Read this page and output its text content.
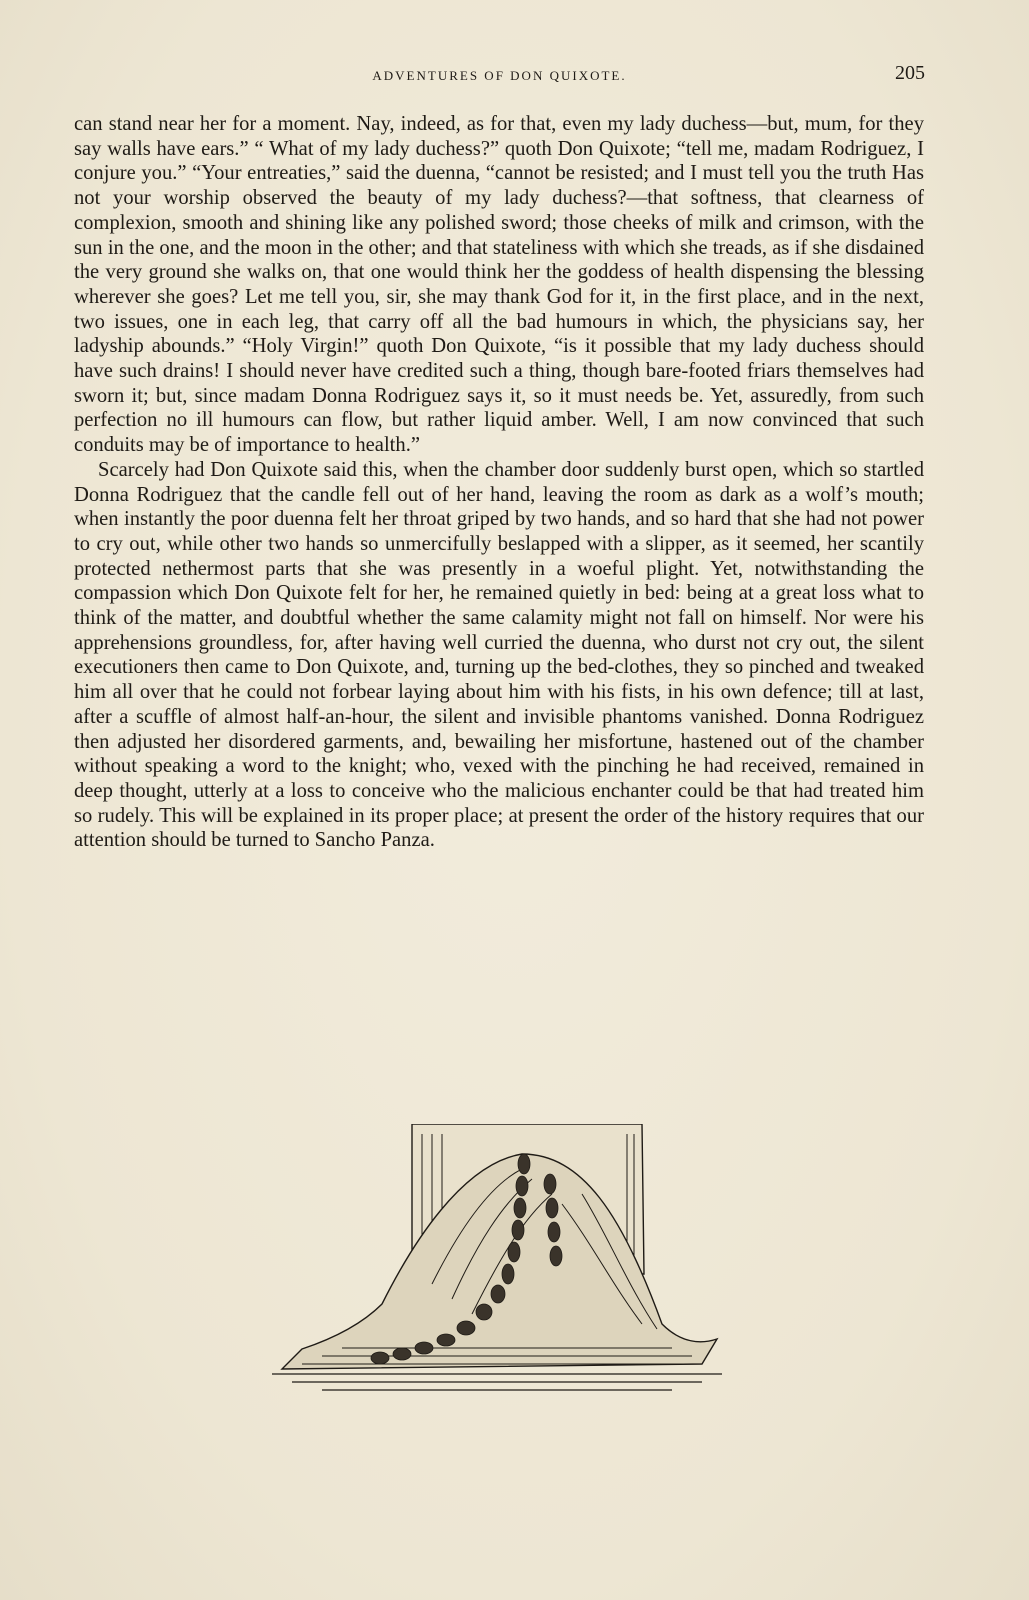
ADVENTURES OF DON QUIXOTE.	205

can stand near her for a moment. Nay, indeed, as for that, even my lady duchess—but, mum, for they say walls have ears.” “ What of my lady duchess?” quoth Don Quixote; “tell me, madam Rodriguez, I conjure you.” “Your entreaties,” said the duenna, “cannot be resisted; and I must tell you the truth Has not your worship observed the beauty of my lady duchess?—that softness, that clearness of complexion, smooth and shining like any polished sword; those cheeks of milk and crimson, with the sun in the one, and the moon in the other; and that stateliness with which she treads, as if she disdained the very ground she walks on, that one would think her the goddess of health dispensing the blessing wherever she goes? Let me tell you, sir, she may thank God for it, in the first place, and in the next, two issues, one in each leg, that carry off all the bad humours in which, the physicians say, her ladyship abounds.” “Holy Virgin!” quoth Don Quixote, “is it possible that my lady duchess should have such drains! I should never have credited such a thing, though bare-footed friars themselves had sworn it; but, since madam Donna Rodriguez says it, so it must needs be. Yet, assuredly, from such perfection no ill humours can flow, but rather liquid amber. Well, I am now convinced that such conduits may be of importance to health.”

Scarcely had Don Quixote said this, when the chamber door suddenly burst open, which so startled Donna Rodriguez that the candle fell out of her hand, leaving the room as dark as a wolf’s mouth; when instantly the poor duenna felt her throat griped by two hands, and so hard that she had not power to cry out, while other two hands so unmercifully beslapped with a slipper, as it seemed, her scantily protected nethermost parts that she was presently in a woeful plight. Yet, notwithstanding the compassion which Don Quixote felt for her, he remained quietly in bed: being at a great loss what to think of the matter, and doubtful whether the same calamity might not fall on himself. Nor were his apprehensions groundless, for, after having well curried the duenna, who durst not cry out, the silent executioners then came to Don Quixote, and, turning up the bed-clothes, they so pinched and tweaked him all over that he could not forbear laying about him with his fists, in his own defence; till at last, after a scuffle of almost half-an-hour, the silent and invisible phantoms vanished. Donna Rodriguez then adjusted her disordered garments, and, bewailing her misfortune, hastened out of the chamber without speaking a word to the knight; who, vexed with the pinching he had received, remained in deep thought, utterly at a loss to conceive who the malicious enchanter could be that had treated him so rudely. This will be explained in its proper place; at present the order of the history requires that our attention should be turned to Sancho Panza.
